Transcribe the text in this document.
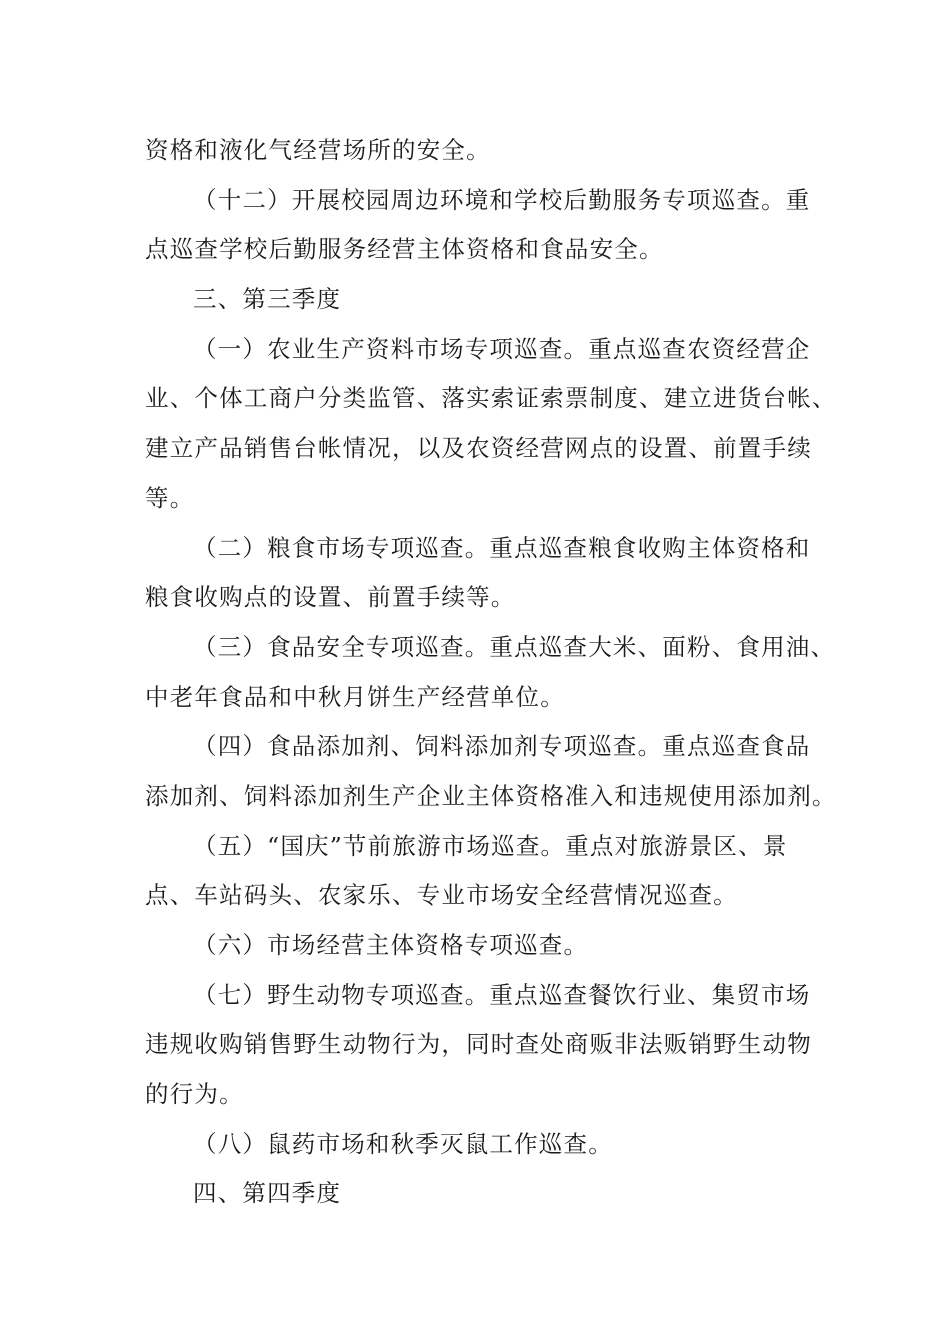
资格和液化气经营场所的安全。
（十二）开展校园周边环境和学校后勤服务专项巡查。重
点巡查学校后勤服务经营主体资格和食品安全。
三、第三季度
（一）农业生产资料市场专项巡查。重点巡查农资经营企
业、个体工商户分类监管、落实索证索票制度、建立进货台帐、
建立产品销售台帐情况，以及农资经营网点的设置、前置手续
等。
（二）粮食市场专项巡查。重点巡查粮食收购主体资格和
粮食收购点的设置、前置手续等。
（三）食品安全专项巡查。重点巡查大米、面粉、食用油、
中老年食品和中秋月饼生产经营单位。
（四）食品添加剂、饲料添加剂专项巡查。重点巡查食品
添加剂、饲料添加剂生产企业主体资格准入和违规使用添加剂。
（五）“国庆”节前旅游市场巡查。重点对旅游景区、景
点、车站码头、农家乐、专业市场安全经营情况巡查。
（六）市场经营主体资格专项巡查。
（七）野生动物专项巡查。重点巡查餐饮行业、集贸市场
违规收购销售野生动物行为，同时查处商贩非法贩销野生动物
的行为。
（八）鼠药市场和秋季灭鼠工作巡查。
四、第四季度
